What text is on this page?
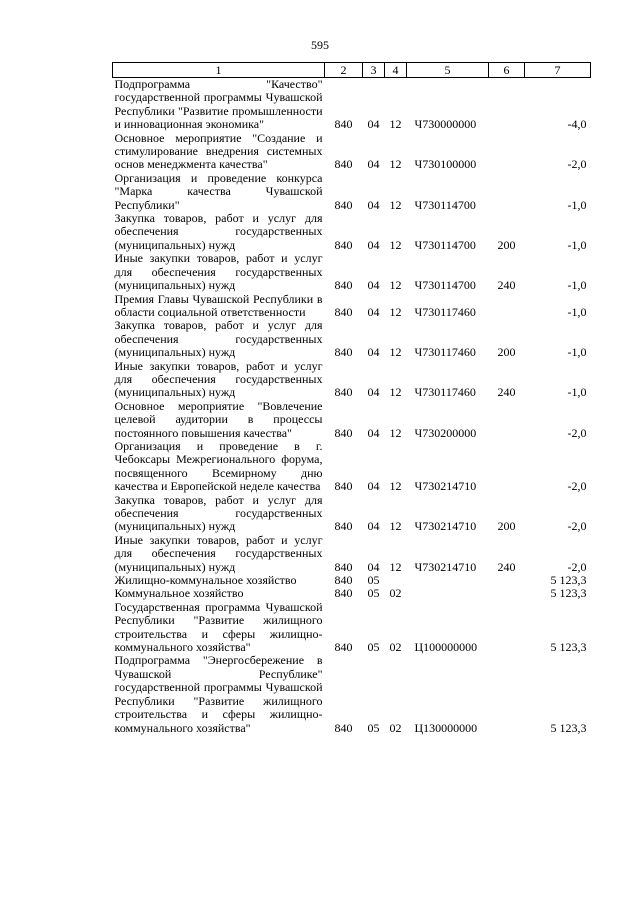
595
1	2	3	4	5	6	7
Подпрограмма "Качество" государственной программы Чувашской Республики "Развитие промышленности и инновационная экономика"	840	04	12	Ч730000000		-4,0
Основное мероприятие "Создание и стимулирование внедрения системных основ менеджмента качества"	840	04	12	Ч730100000		-2,0
Организация и проведение конкурса "Марка качества Чувашской Республики"	840	04	12	Ч730114700		-1,0
Закупка товаров, работ и услуг для обеспечения государственных (муниципальных) нужд	840	04	12	Ч730114700	200	-1,0
Иные закупки товаров, работ и услуг для обеспечения государственных (муниципальных) нужд	840	04	12	Ч730114700	240	-1,0
Премия Главы Чувашской Республики в области социальной ответственности	840	04	12	Ч730117460		-1,0
Закупка товаров, работ и услуг для обеспечения государственных (муниципальных) нужд	840	04	12	Ч730117460	200	-1,0
Иные закупки товаров, работ и услуг для обеспечения государственных (муниципальных) нужд	840	04	12	Ч730117460	240	-1,0
Основное мероприятие "Вовлечение целевой аудитории в процессы постоянного повышения качества"	840	04	12	Ч730200000		-2,0
Организация и проведение в г. Чебоксары Межрегионального форума, посвященного Всемирному дню качества и Европейской неделе качества	840	04	12	Ч730214710		-2,0
Закупка товаров, работ и услуг для обеспечения государственных (муниципальных) нужд	840	04	12	Ч730214710	200	-2,0
Иные закупки товаров, работ и услуг для обеспечения государственных (муниципальных) нужд	840	04	12	Ч730214710	240	-2,0
Жилищно-коммунальное хозяйство	840	05				5 123,3
Коммунальное хозяйство	840	05	02			5 123,3
Государственная программа Чувашской Республики "Развитие жилищного строительства и сферы жилищно-коммунального хозяйства"	840	05	02	Ц100000000		5 123,3
Подпрограмма "Энергосбережение в Чувашской Республике" государственной программы Чувашской Республики "Развитие жилищного строительства и сферы жилищно-коммунального хозяйства"	840	05	02	Ц130000000		5 123,3
